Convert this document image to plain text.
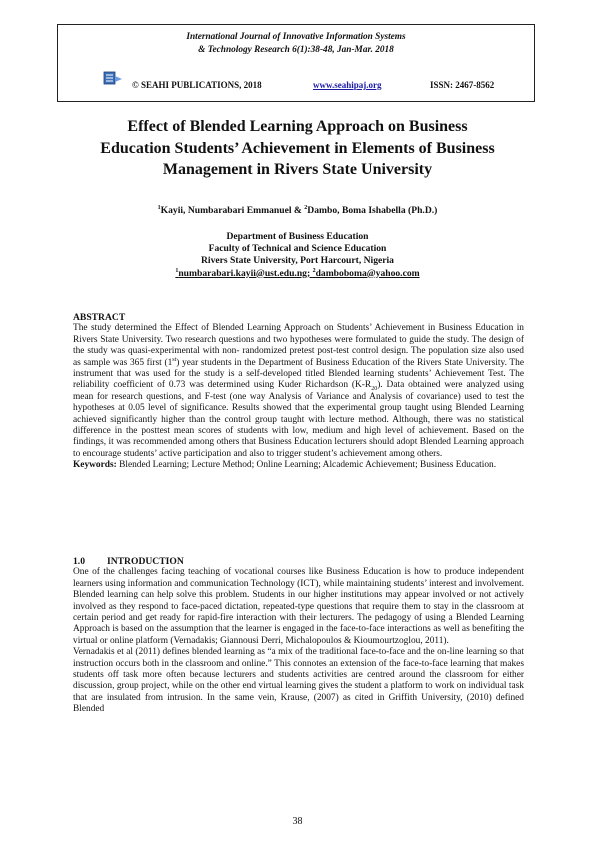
International Journal of Innovative Information Systems
& Technology Research 6(1):38-48, Jan-Mar. 2018
© SEAHI PUBLICATIONS, 2018	www.seahipaj.org	ISSN: 2467-8562
Effect of Blended Learning Approach on Business
Education Students’ Achievement in Elements of Business
Management in Rivers State University
$^1$Kayii, Numbarabari Emmanuel & $^2$Dambo, Boma Ishabella (Ph.D.)
Department of Business Education
Faculty of Technical and Science Education
Rivers State University, Port Harcourt, Nigeria
$^1$numbarabari.kayii@ust.edu.ng; $^2$damboboma@yahoo.com
ABSTRACT

The study determined the Effect of Blended Learning Approach on Students’ Achievement in Business Education in Rivers State University. Two research questions and two hypotheses were formulated to guide the study. The design of the study was quasi-experimental with non- randomized pretest post-test control design. The population size also used as sample was 365 first (1st) year students in the Department of Business Education of the Rivers State University. The instrument that was used for the study is a self-developed titled Blended learning students’ Achievement Test. The reliability coefficient of 0.73 was determined using Kuder Richardson $(K-R_{20})$. Data obtained were analyzed using mean for research questions, and F-test (one way Analysis of Variance and Analysis of covariance) used to test the hypotheses at 0.05 level of significance. Results showed that the experimental group taught using Blended Learning achieved significantly higher than the control group taught with lecture method. Although, there was no statistical difference in the posttest mean scores of students with low, medium and high level of achievement. Based on the findings, it was recommended among others that Business Education lecturers should adopt Blended Learning approach to encourage students’ active participation and also to trigger student’s achievement among others.

Keywords: Blended Learning; Lecture Method; Online Learning; Alcademic Achievement; Business Education.

1.0 INTRODUCTION

One of the challenges facing teaching of vocational courses like Business Education is how to produce independent learners using information and communication Technology (ICT), while maintaining students’ interest and involvement. Blended learning can help solve this problem. Students in our higher institutions may appear involved or not actively involved as they respond to face-paced dictation, repeated-type questions that require them to stay in the classroom at certain period and get ready for rapid-fire interaction with their lecturers. The pedagogy of using a Blended Learning Approach is based on the assumption that the learner is engaged in the face-to-face interactions as well as benefiting the virtual or online platform (Vernadakis; Giannousi Derri, Michalopoulos & Kioumourtzoglou, 2011).

Vernadakis et al (2011) defines blended learning as “a mix of the traditional face-to-face and the on-line learning so that instruction occurs both in the classroom and online.” This connotes an extension of the face-to-face learning that makes students off task more often because lecturers and students activities are centred around the classroom for either discussion, group project, while on the other end virtual learning gives the student a platform to work on individual task that are insulated from intrusion. In the same vein, Krause, (2007) as cited in Griffith University, (2010) defined Blended

38
